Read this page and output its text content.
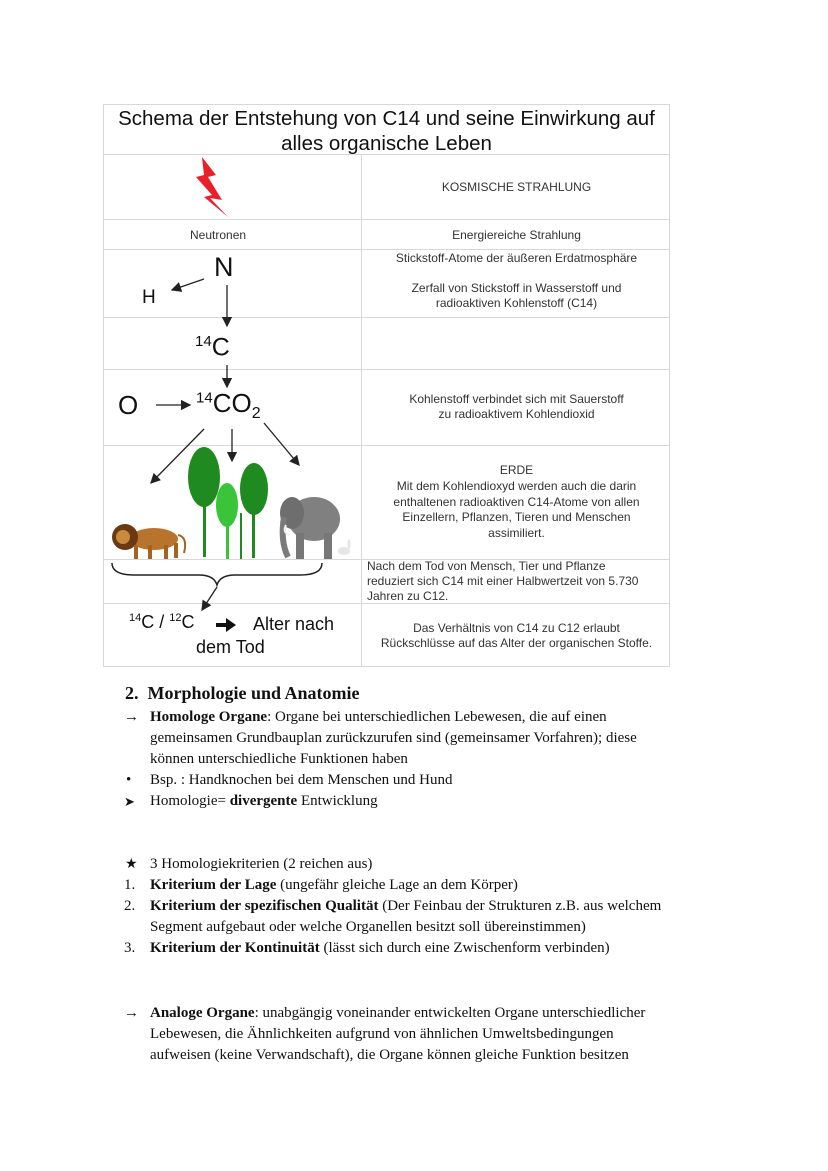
Schema der Entstehung von C14 und seine Einwirkung auf
alles organische Leben
KOSMISCHE STRAHLUNG
Energiereiche Strahlung
Stickstoff-Atome der äußeren Erdatmosphäre
Zerfall von Stickstoff in Wasserstoff und
radioaktiven Kohlenstoff (C14)
Kohlenstoff verbindet sich mit Sauerstoff
zu radioaktivem Kohlendioxid
ERDE
Mit dem Kohlendioxyd werden auch die darin
enthaltenen radioaktiven C14-Atome von allen
Einzellern, Pflanzen, Tieren und Menschen
assimiliert.
Nach dem Tod von Mensch, Tier und Pflanze
reduziert sich C14 mit einer Halbwertzeit von 5.730
Jahren zu C12.
Das Verhältnis von C14 zu C12 erlaubt
Rückschlüsse auf das Alter der organischen Stoffe.
Neutronen
N
H
$^{14}$C
O	$^{14}CO_2$
$^{14}$C / $^{12}$C	Alter nach
dem Tod
2. Morphologie und Anatomie
→ Homologe Organe: Organe bei unterschiedlichen Lebewesen, die auf einen
gemeinsamen Grundbauplan zurückzurufen sind (gemeinsamer Vorfahren); diese
können unterschiedliche Funktionen haben
• Bsp. : Handknochen bei dem Menschen und Hund
➤ Homologie= divergente Entwicklung
★ 3 Homologiekriterien (2 reichen aus)
1. Kriterium der Lage (ungefähr gleiche Lage an dem Körper)
2. Kriterium der spezifischen Qualität (Der Feinbau der Strukturen z.B. aus welchem
Segment aufgebaut oder welche Organellen besitzt soll übereinstimmen)
3. Kriterium der Kontinuität (lässt sich durch eine Zwischenform verbinden)
→ Analoge Organe: unabgängig voneinander entwickelten Organe unterschiedlicher
Lebewesen, die Ähnlichkeiten aufgrund von ähnlichen Umweltsbedingungen
aufweisen (keine Verwandschaft), die Organe können gleiche Funktion besitzen
